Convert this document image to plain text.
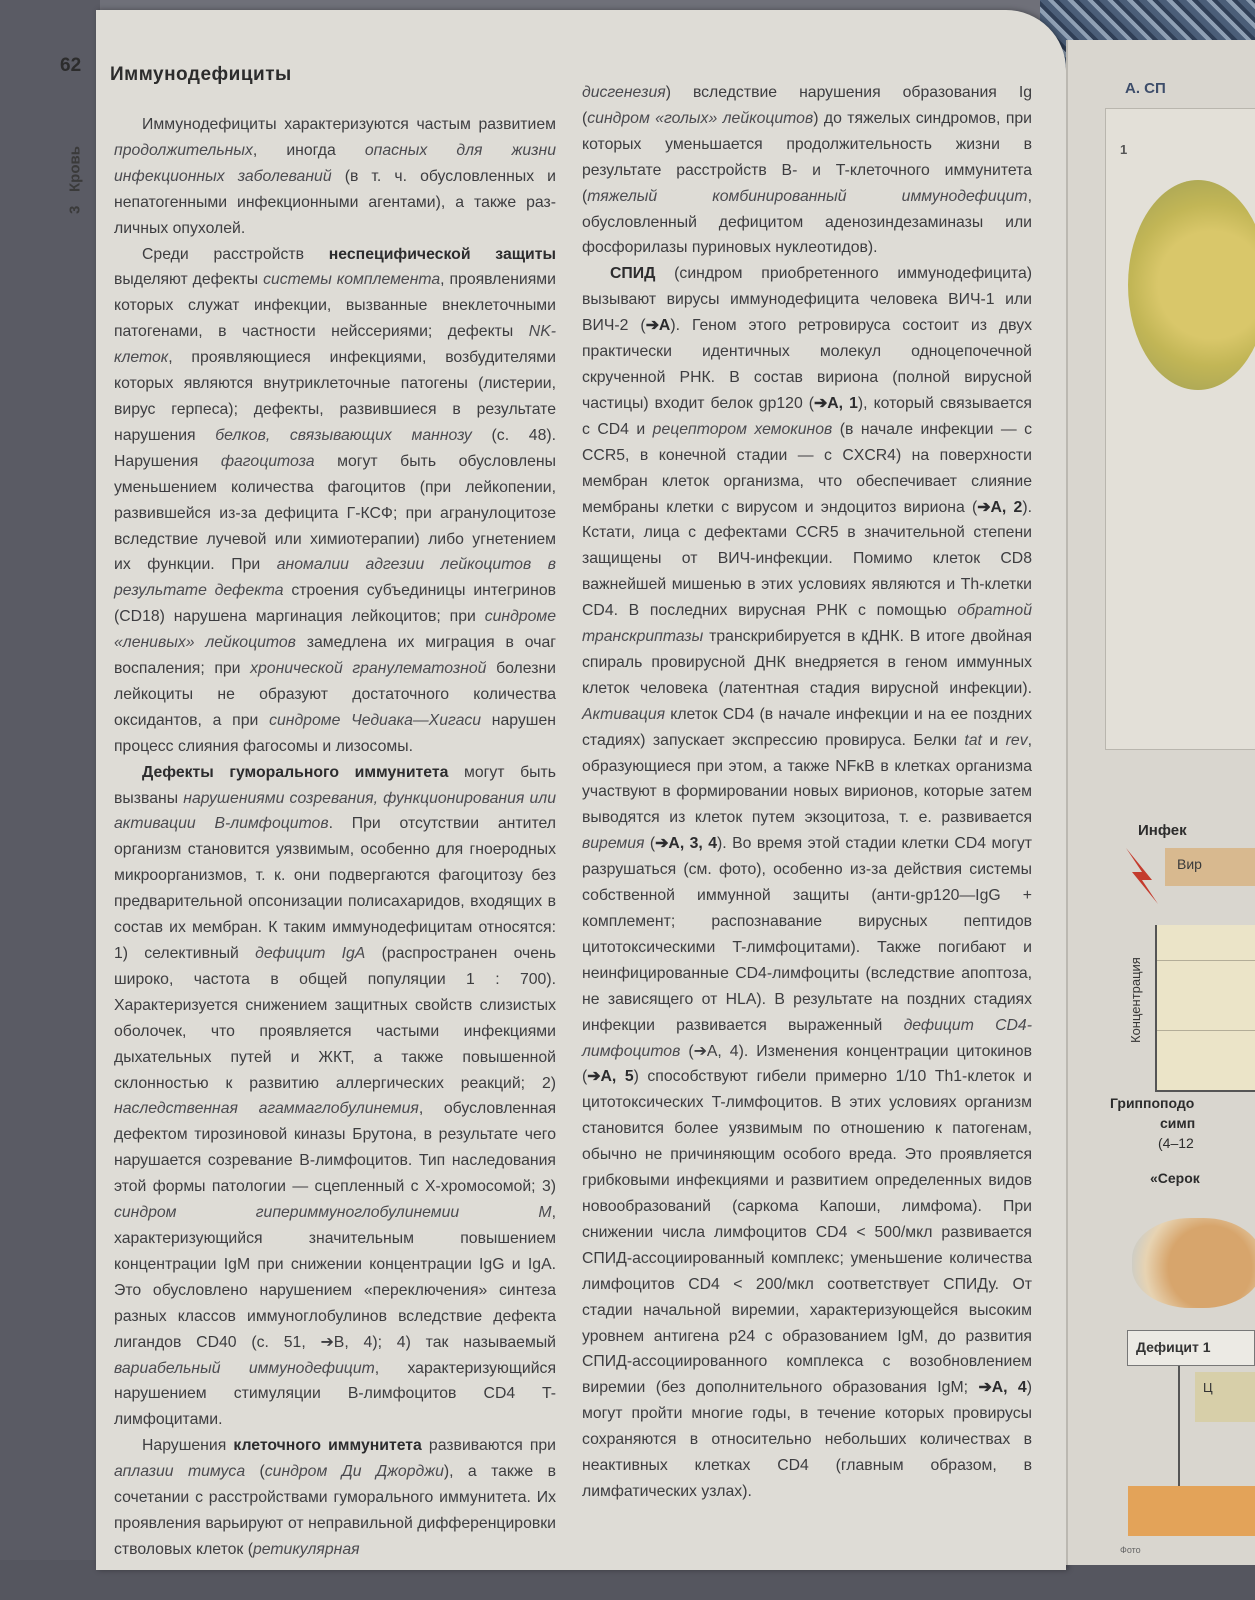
62 Иммунодефициты
3
Кровь

Иммунодефициты характеризуются частым развитием продолжительных, иногда опасных для жизни инфекционных заболеваний (в т. ч. обусловленных и непатогенными инфекционными агентами), а также различных опухолей.

Среди расстройств неспецифической защиты выделяют дефекты системы комплемента, проявлениями которых служат инфекции, вызванные внеклеточными патогенами, в частности нейссериями; дефекты NK-клеток, проявляющиеся инфекциями, возбудителями которых являются внутриклеточные патогены (листерии, вирус герпеса); дефекты, развившиеся в результате нарушения белков, связывающих маннозу (с. 48). Нарушения фагоцитоза могут быть обусловлены уменьшением количества фагоцитов (при лейкопении, развившейся из-за дефицита Г-КСФ; при агранулоцитозе вследствие лучевой или химиотерапии) либо угнетением их функции. При аномалии адгезии лейкоцитов в результате дефекта строения субъединицы интегринов (CD18) нарушена маргинация лейкоцитов; при синдроме «ленивых» лейкоцитов замедлена их миграция в очаг воспаления; при хронической гранулематозной болезни лейкоциты не образуют достаточного количества оксидантов, а при синдроме Чедиака—Хигаси нарушен процесс слияния фагосомы и лизосомы.

Дефекты гуморального иммунитета могут быть вызваны нарушениями созревания, функционирования или активации B-лимфоцитов. При отсутствии антител организм становится уязвимым, особенно для гноеродных микроорганизмов, т. к. они подвергаются фагоцитозу без предварительной опсонизации полисахаридов, входящих в состав их мембран. К таким иммунодефицитам относятся: 1) селективный дефицит IgA (распространен очень широко, частота в общей популяции 1 : 700). Характеризуется снижением защитных свойств слизистых оболочек, что проявляется частыми инфекциями дыхательных путей и ЖКТ, а также повышенной склонностью к развитию аллергических реакций; 2) наследственная агаммаглобулинемия, обусловленная дефектом тирозиновой киназы Брутона, в результате чего нарушается созревание B-лимфоцитов. Тип наследования этой формы патологии — сцепленный с X-хромосомой; 3) синдром гипериммуноглобулинемии M, характеризующийся значительным повышением концентрации IgM при снижении концентрации IgG и IgA. Это обусловлено нарушением «переключения» синтеза разных классов иммуноглобулинов вследствие дефекта лигандов CD40 (с. 51, ➔B, 4); 4) так называемый вариабельный иммунодефицит, характеризующийся нарушением стимуляции B-лимфоцитов CD4 T-лимфоцитами.

Нарушения клеточного иммунитета развиваются при аплазии тимуса (синдром Ди Джорджи), а также в сочетании с расстройствами гуморального иммунитета. Их проявления варьируют от неправильной дифференцировки стволовых клеток (ретикулярная

дисгенезия) вследствие нарушения образования Ig (синдром «голых» лейкоцитов) до тяжелых синдромов, при которых уменьшается продолжительность жизни в результате расстройств B- и T-клеточного иммунитета (тяжелый комбинированный иммунодефицит, обусловленный дефицитом аденозиндезаминазы или фосфорилазы пуриновых нуклеотидов).

СПИД (синдром приобретенного иммунодефицита) вызывают вирусы иммунодефицита человека ВИЧ-1 или ВИЧ-2 (➔A). Геном этого ретровируса состоит из двух практически идентичных молекул одноцепочечной скрученной РНК. В состав вириона (полной вирусной частицы) входит белок gp120 (➔A, 1), который связывается с CD4 и рецептором хемокинов (в начале инфекции — с CCR5, в конечной стадии — с CXCR4) на поверхности мембран клеток организма, что обеспечивает слияние мембраны клетки с вирусом и эндоцитоз вириона (➔A, 2). Кстати, лица с дефектами CCR5 в значительной степени защищены от ВИЧ-инфекции. Помимо клеток CD8 важнейшей мишенью в этих условиях являются и Th-клетки CD4. В последних вирусная РНК с помощью обратной транскриптазы транскрибируется в кДНК. В итоге двойная спираль провирусной ДНК внедряется в геном иммунных клеток человека (латентная стадия вирусной инфекции). Активация клеток CD4 (в начале инфекции и на ее поздних стадиях) запускает экспрессию провируса. Белки tat и rev, образующиеся при этом, а также NFκB в клетках организма участвуют в формировании новых вирионов, которые затем выводятся из клеток путем экзоцитоза, т. е. развивается виремия (➔A, 3, 4). Во время этой стадии клетки CD4 могут разрушаться (см. фото), особенно из-за действия системы собственной иммунной защиты (анти-gp120—IgG + комплемент; распознавание вирусных пептидов цитотоксическими T-лимфоцитами). Также погибают и неинфицированные CD4-лимфоциты (вследствие апоптоза, не зависящего от HLA). В результате на поздних стадиях инфекции развивается выраженный дефицит CD4-лимфоцитов (➔A, 4). Изменения концентрации цитокинов (➔A, 5) способствуют гибели примерно 1/10 Th1-клеток и цитотоксических T-лимфоцитов. В этих условиях организм становится более уязвимым по отношению к патогенам, обычно не причиняющим особого вреда. Это проявляется грибковыми инфекциями и развитием определенных видов новообразований (саркома Капоши, лимфома). При снижении числа лимфоцитов CD4 < 500/мкл развивается СПИД-ассоциированный комплекс; уменьшение количества лимфоцитов CD4 < 200/мкл соответствует СПИДу. От стадии начальной виремии, характеризующейся высоким уровнем антигена p24 с образованием IgM, до развития СПИД-ассоциированного комплекса с возобновлением виремии (без дополнительного образования IgM; ➔A, 4) могут пройти многие годы, в течение которых провирусы сохраняются в относительно небольших количествах в неактивных клетках CD4 (главным образом, в лимфатических узлах).

А. СП
1
Инфек
Вир
Концентрация
Гриппоподо
симп
(4–12
«Серок
Дефицит 1
Ц
Фото
